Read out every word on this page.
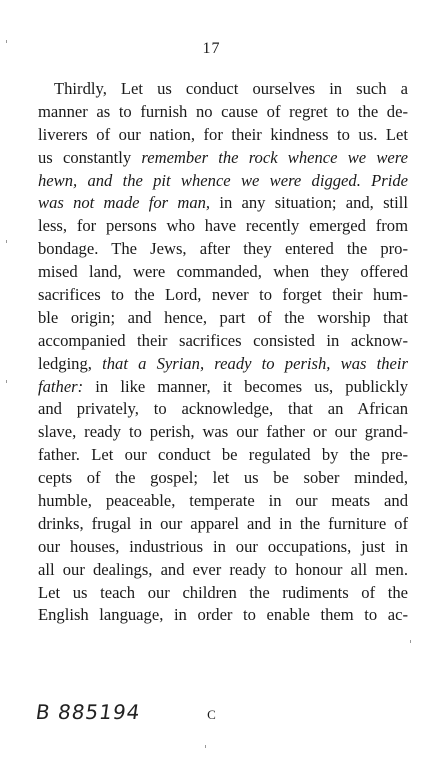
17
Thirdly, Let us conduct ourselves in such a
manner as to furnish no cause of regret to the de-
liverers of our nation, for their kindness to us. Let
us constantly remember the rock whence we were
hewn, and the pit whence we were digged. Pride
was not made for man, in any situation; and, still
less, for persons who have recently emerged from
bondage. The Jews, after they entered the pro-
mised land, were commanded, when they offered
sacrifices to the Lord, never to forget their hum-
ble origin; and hence, part of the worship that
accompanied their sacrifices consisted in acknow-
ledging, that a Syrian, ready to perish, was their
father: in like manner, it becomes us, publickly
and privately, to acknowledge, that an African
slave, ready to perish, was our father or our grand-
father. Let our conduct be regulated by the pre-
cepts of the gospel; let us be sober minded,
humble, peaceable, temperate in our meats and
drinks, frugal in our apparel and in the furniture of
our houses, industrious in our occupations, just in
all our dealings, and ever ready to honour all men.
Let us teach our children the rudiments of the
English language, in order to enable them to ac-
B 885194	C
